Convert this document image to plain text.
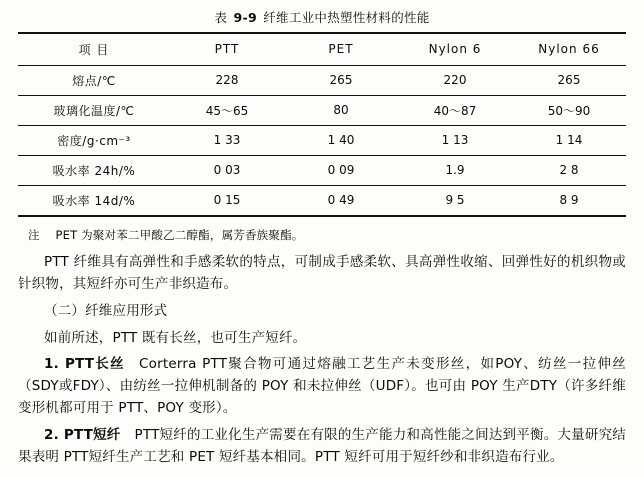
表 9-9 纤维工业中热塑性材料的性能
项 目	PTT	PET	Nylon 6	Nylon 66
熔点/℃	228	265	220	265
玻璃化温度/℃	45～65	80	40～87	50～90
密度/g·cm⁻³	1 33	1 40	1 13	1 14
吸水率 24h/%	0 03	0 09	1.9	2 8
吸水率 14d/%	0 15	0 49	9 5	8 9
注 PET 为聚对苯二甲酸乙二醇酯，属芳香族聚酯。

PTT 纤维具有高弹性和手感柔软的特点，可制成手感柔软、具高弹性收缩、回弹性好的机织物或针织物，其短纤亦可生产非织造布。

（二）纤维应用形式

如前所述，PTT 既有长丝，也可生产短纤。

1. PTT长丝 Corterra PTT聚合物可通过熔融工艺生产未变形丝，如POY、纺丝一拉伸丝（SDY或FDY）、由纺丝一拉伸机制备的 POY 和未拉伸丝（UDF）。也可由 POY 生产DTY（许多纤维变形机都可用于 PTT、POY 变形）。

2. PTT短纤 PTT短纤的工业化生产需要在有限的生产能力和高性能之间达到平衡。大量研究结果表明 PTT短纤生产工艺和 PET 短纤基本相同。PTT 短纤可用于短纤纱和非织造布行业。
